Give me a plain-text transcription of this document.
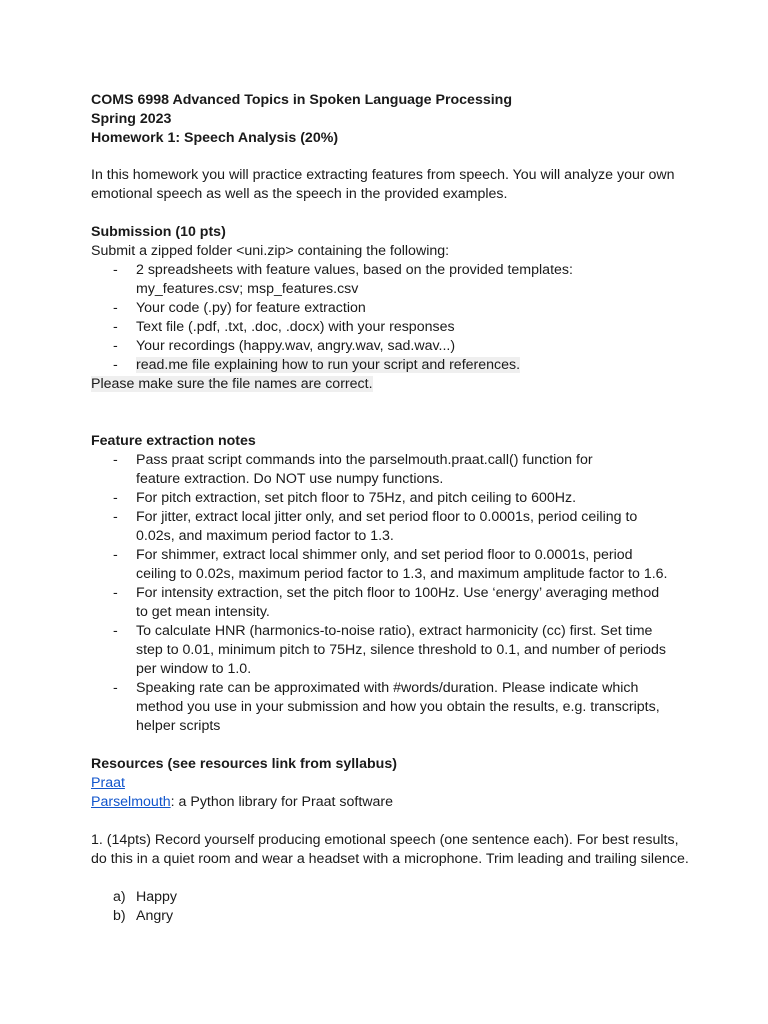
COMS 6998 Advanced Topics in Spoken Language Processing
Spring 2023
Homework 1: Speech Analysis (20%)
In this homework you will practice extracting features from speech. You will analyze your own
emotional speech as well as the speech in the provided examples.
Submission (10 pts)
Submit a zipped folder <uni.zip> containing the following:
- 2 spreadsheets with feature values, based on the provided templates: my_features.csv; msp_features.csv
- Your code (.py) for feature extraction
- Text file (.pdf, .txt, .doc, .docx) with your responses
- Your recordings (happy.wav, angry.wav, sad.wav...)
- read.me file explaining how to run your script and references.
Please make sure the file names are correct.
Feature extraction notes
- Pass praat script commands into the parselmouth.praat.call() function for feature extraction. Do NOT use numpy functions.
- For pitch extraction, set pitch floor to 75Hz, and pitch ceiling to 600Hz.
- For jitter, extract local jitter only, and set period floor to 0.0001s, period ceiling to 0.02s, and maximum period factor to 1.3.
- For shimmer, extract local shimmer only, and set period floor to 0.0001s, period ceiling to 0.02s, maximum period factor to 1.3, and maximum amplitude factor to 1.6.
- For intensity extraction, set the pitch floor to 100Hz. Use ‘energy’ averaging method to get mean intensity.
- To calculate HNR (harmonics-to-noise ratio), extract harmonicity (cc) first. Set time step to 0.01, minimum pitch to 75Hz, silence threshold to 0.1, and number of periods per window to 1.0.
- Speaking rate can be approximated with #words/duration. Please indicate which method you use in your submission and how you obtain the results, e.g. transcripts, helper scripts
Resources (see resources link from syllabus)
Praat
Parselmouth: a Python library for Praat software
1. (14pts) Record yourself producing emotional speech (one sentence each). For best results,
do this in a quiet room and wear a headset with a microphone. Trim leading and trailing silence.
a) Happy
b) Angry
